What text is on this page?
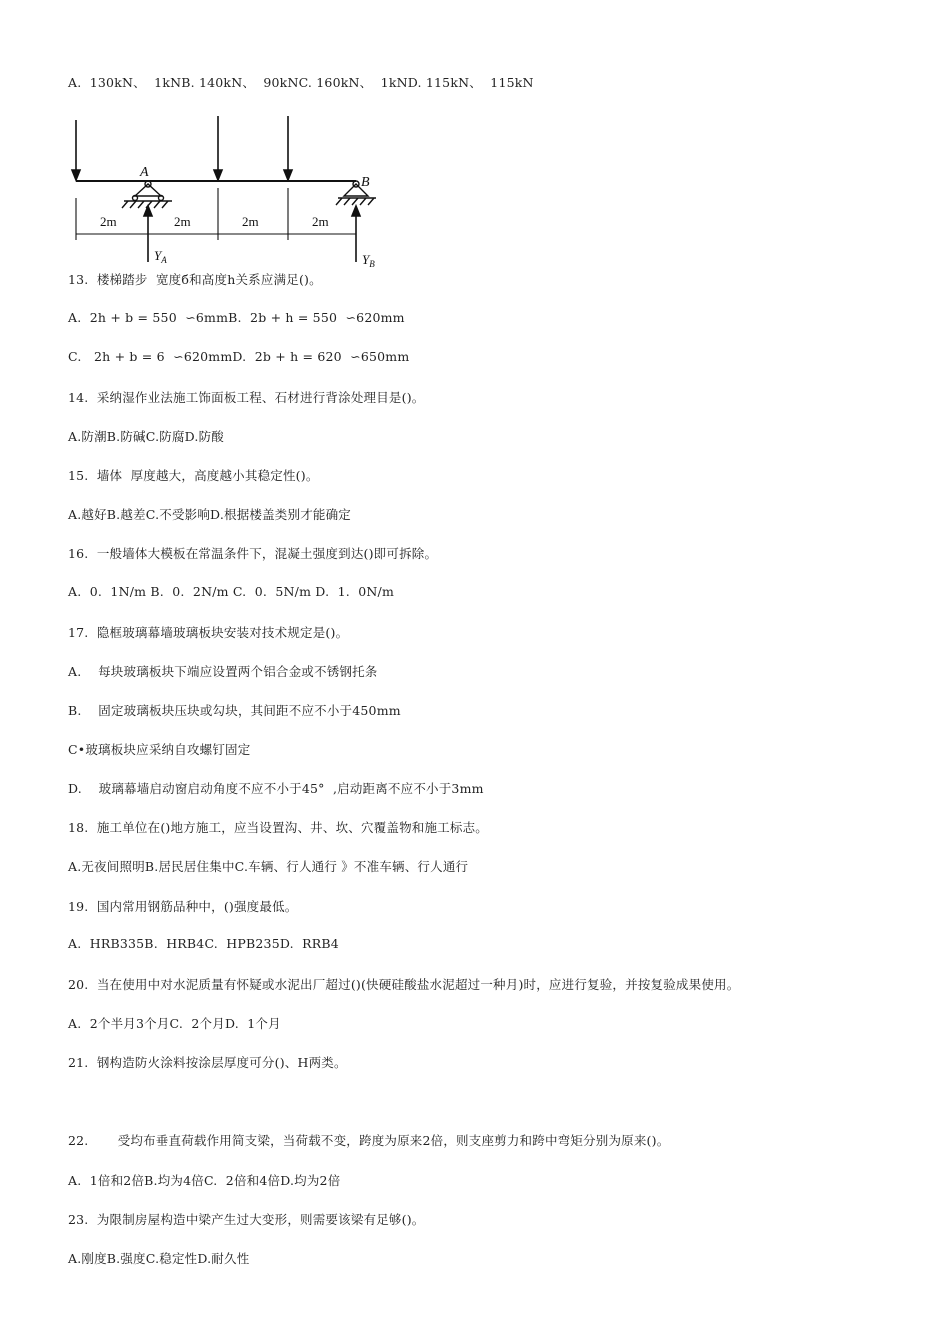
A.  130kN、  1kNB. 140kN、  90kNC. 160kN、  1kND. 115kN、  115kN
A
B
2m	2m	2m	2m
$Y_A$	$Y_B$
13.  楼梯踏步  宽度б和高度h关系应满足()。
A.  2h + b = 550  ∽6mmB.  2b + h = 550  ∽620mm
C.   2h + b = 6  ∽620mmD.  2b + h = 620  ∽650mm
14.  采纳湿作业法施工饰面板工程、石材进行背涂处理目是()。
A.防潮B.防碱C.防腐D.防酸
15.  墙体  厚度越大，高度越小其稳定性()。
A.越好B.越差C.不受影响D.根据楼盖类别才能确定
16.  一般墙体大模板在常温条件下，混凝土强度到达()即可拆除。
A.  0.  1N/m B.  0.  2N/m C.  0.  5N/m D.  1.  0N/m
17.  隐框玻璃幕墙玻璃板块安装对技术规定是()。
A.    每块玻璃板块下端应设置两个铝合金或不锈钢托条
B.    固定玻璃板块压块或勾块，其间距不应不小于450mm
C•玻璃板块应采纳自攻螺钉固定
D.    玻璃幕墙启动窗启动角度不应不小于45°  ,启动距离不应不小于3mm
18.  施工单位在()地方施工，应当设置沟、井、坎、穴覆盖物和施工标志。
A.无夜间照明B.居民居住集中C.车辆、行人通行 》不准车辆、行人通行
19.  国内常用钢筋品种中，()强度最低。
A.  HRB335B.  HRB4C.  HPB235D.  RRB4
20.  当在使用中对水泥质量有怀疑或水泥出厂超过()(快硬硅酸盐水泥超过一种月)时，应进行复验，并按复验成果使用。
A.  2个半月3个月C.  2个月D.  1个月
21.  钢构造防火涂料按涂层厚度可分()、H两类。
22.       受均布垂直荷载作用简支梁，当荷载不变，跨度为原来2倍，则支座剪力和跨中弯矩分别为原来()。
A.  1倍和2倍B.均为4倍C.  2倍和4倍D.均为2倍
23.  为限制房屋构造中梁产生过大变形，则需要该梁有足够()。
A.刚度B.强度C.稳定性D.耐久性
